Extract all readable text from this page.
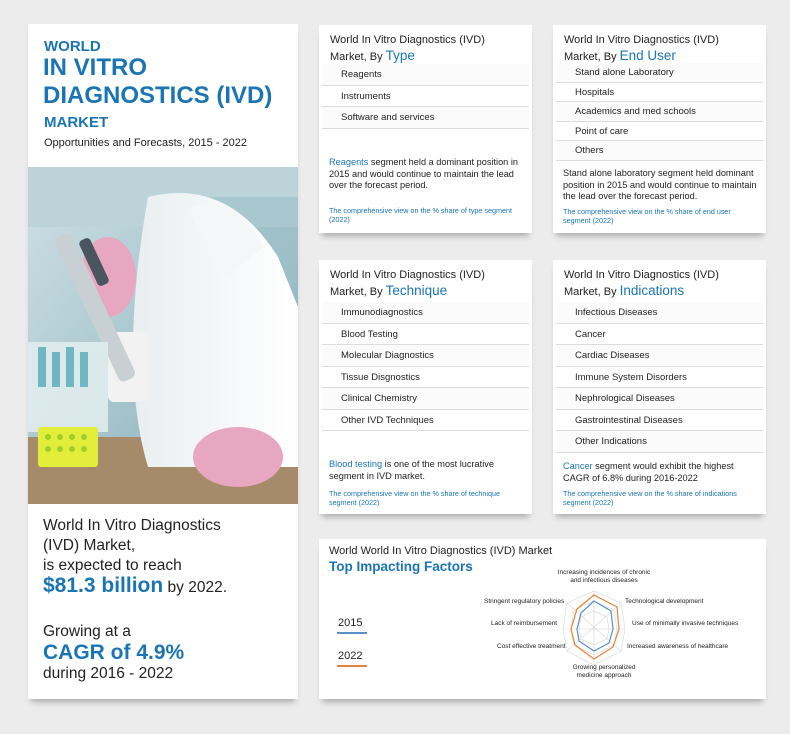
WORLD
IN VITRO
DIAGNOSTICS (IVD)
MARKET
Opportunities and Forecasts, 2015 - 2022
World In Vitro Diagnostics
(IVD) Market,
is expected to reach
$81.3 billion by 2022.
Growing at a
CAGR of 4.9%
during 2016 - 2022
World In Vitro Diagnostics (IVD)
Market, By Type
Reagents
Instruments
Software and services
Reagents segment held a dominant position in 2015 and would continue to maintain the lead over the forecast period.
The comprehensive view on the % share of type segment (2022)
World In Vitro Diagnostics (IVD)
Market, By End User
Stand alone Laboratory
Hospitals
Academics and med schools
Point of care
Others
Stand alone laboratory segment held dominant position in 2015 and would continue to maintain the lead over the forecast period.
The comprehensive view on the % share of end user segment (2022)
World In Vitro Diagnostics (IVD)
Market, By Technique
Immunodiagnostics
Blood Testing
Molecular Diagnostics
Tissue Disgnostics
Clinical Chemistry
Other IVD Techniques
Blood testing is one of the most lucrative segment in IVD market.
The comprehensive view on the % share of technique segment (2022)
World In Vitro Diagnostics (IVD)
Market, By Indications
Infectious Diseases
Cancer
Cardiac Diseases
Immune System Disorders
Nephrological Diseases
Gastrointestinal Diseases
Other Indications
Cancer segment would exhibit the highest CAGR of 6.8% during 2016-2022
The comprehensive view on the % share of indications segment (2022)
World World In Vitro Diagnostics (IVD) Market
Top Impacting Factors
2015
2022
Increasing incidences of chronic
and infectious diseases
Technological development
Use of minimally invasive techniques
Increased awareness of healthcare
Growing personalized
medicine approach
Cost effective treatment
Lack of reimbursement
Stringent regulatory policies
